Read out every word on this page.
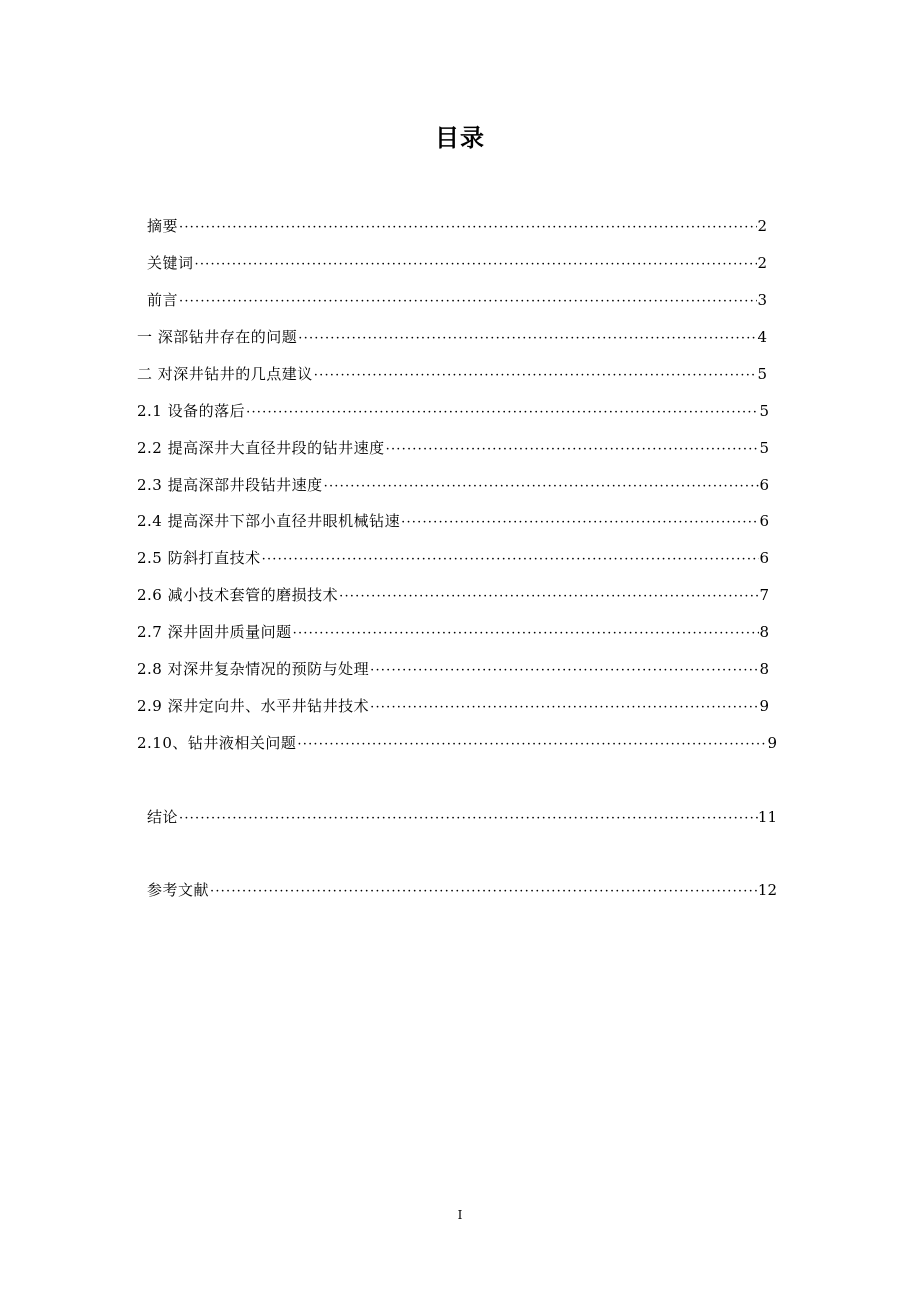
目录
摘要 ·····	2
关键词 ·····	2
前言 ·····	3
一 深部钻井存在的问题 ·····	4
二 对深井钻井的几点建议 ·····	5
2.1 设备的落后 ·····	5
2.2 提高深井大直径井段的钻井速度 ·····	5
2.3 提高深部井段钻井速度 ·····	6
2.4 提高深井下部小直径井眼机械钻速 ·····	6
2.5 防斜打直技术 ·····	6
2.6 减小技术套管的磨损技术 ·····	7
2.7 深井固井质量问题 ·····	8
2.8 对深井复杂情况的预防与处理 ·····	8
2.9 深井定向井、水平井钻井技术 ·····	9
2.10、钻井液相关问题 ·····	9
结论 ·····	11
参考文献 ·····	12
I
